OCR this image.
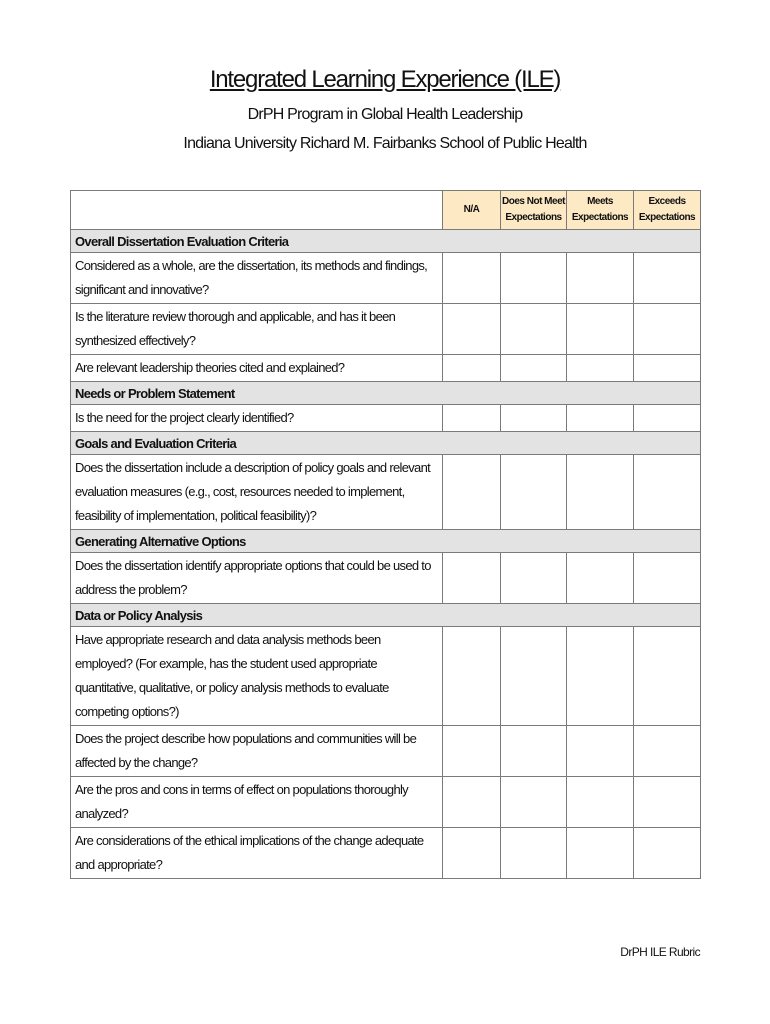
Integrated Learning Experience (ILE)
DrPH Program in Global Health Leadership
Indiana University Richard M. Fairbanks School of Public Health
	N/A	Does Not Meet Expectations	Meets Expectations	Exceeds Expectations
Overall Dissertation Evaluation Criteria				
Considered as a whole, are the dissertation, its methods and findings, significant and innovative?				
Is the literature review thorough and applicable, and has it been synthesized effectively?				
Are relevant leadership theories cited and explained?				
Needs or Problem Statement				
Is the need for the project clearly identified?				
Goals and Evaluation Criteria				
Does the dissertation include a description of policy goals and relevant evaluation measures (e.g., cost, resources needed to implement, feasibility of implementation, political feasibility)?				
Generating Alternative Options				
Does the dissertation identify appropriate options that could be used to address the problem?				
Data or Policy Analysis				
Have appropriate research and data analysis methods been employed? (For example, has the student used appropriate quantitative, qualitative, or policy analysis methods to evaluate competing options?)				
Does the project describe how populations and communities will be affected by the change?				
Are the pros and cons in terms of effect on populations thoroughly analyzed?				
Are considerations of the ethical implications of the change adequate and appropriate?				
DrPH ILE Rubric
